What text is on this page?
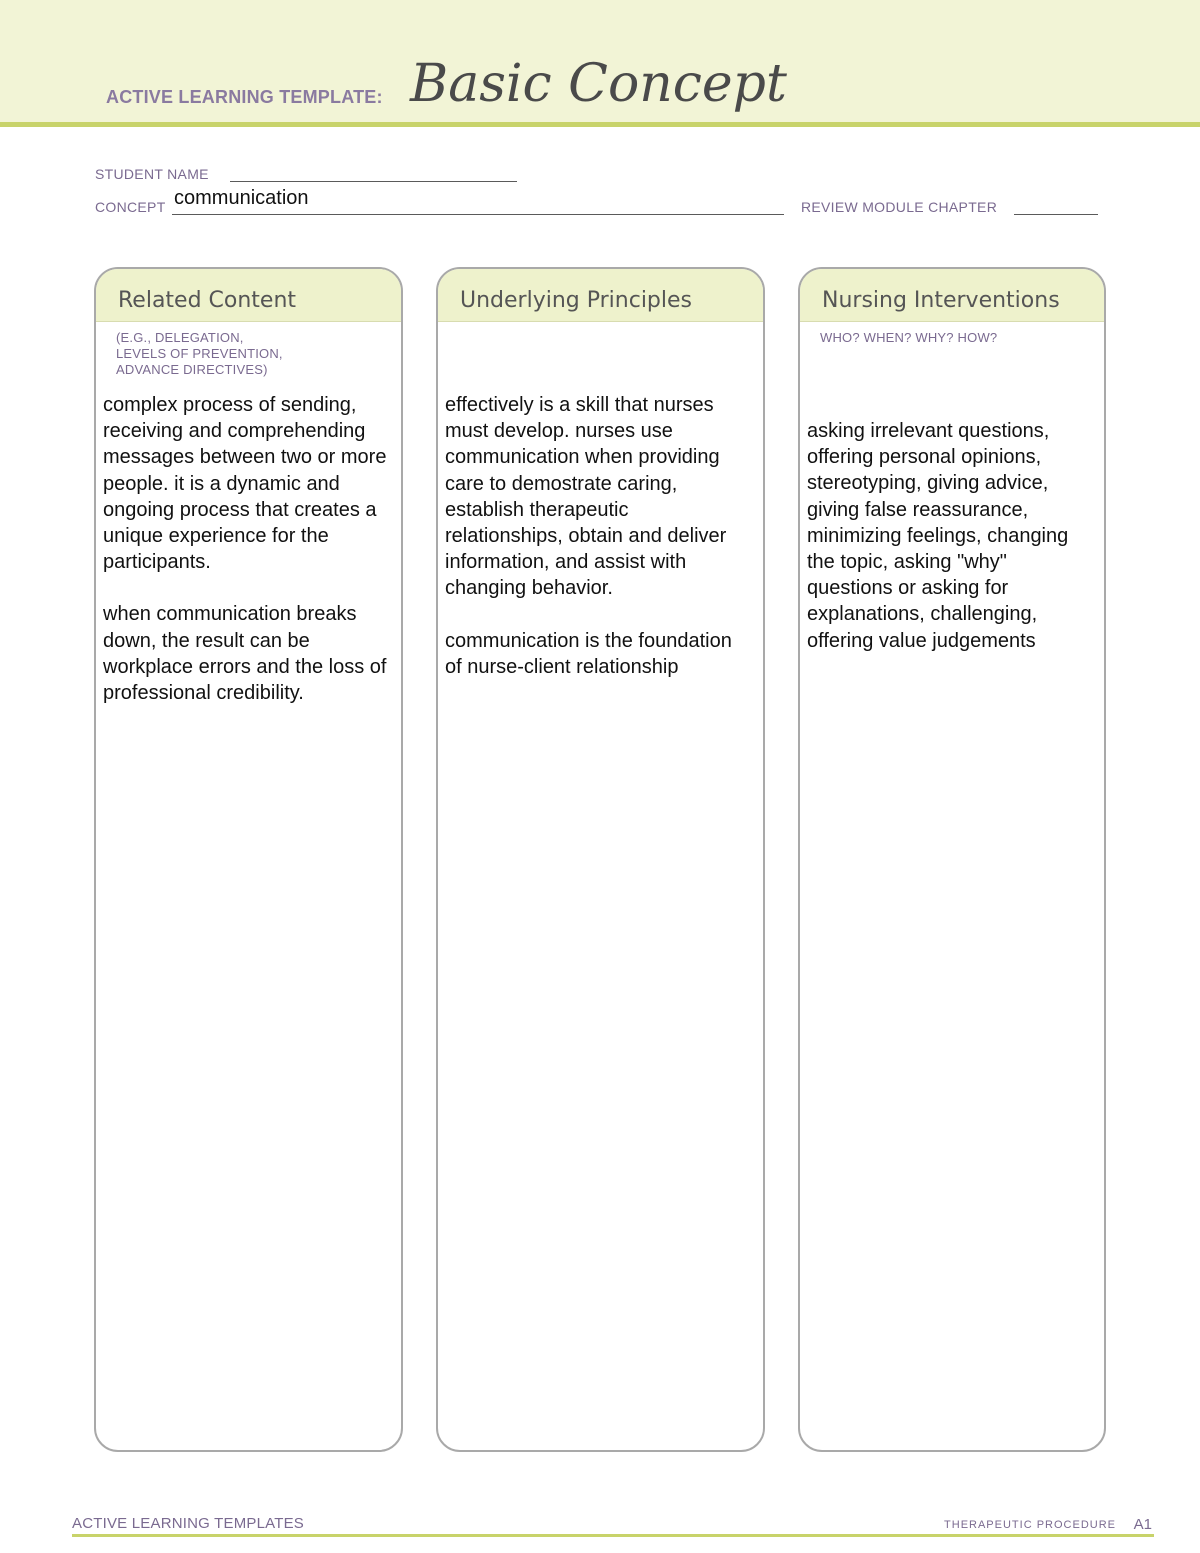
ACTIVE LEARNING TEMPLATE: Basic Concept
STUDENT NAME
CONCEPT communication	REVIEW MODULE CHAPTER
Related Content
(E.G., DELEGATION,
LEVELS OF PREVENTION,
ADVANCE DIRECTIVES)

complex process of sending, receiving and comprehending messages between two or more people. it is a dynamic and ongoing process that creates a unique experience for the participants.

when communication breaks down, the result can be workplace errors and the loss of professional credibility.

Underlying Principles

effectively is a skill that nurses must develop. nurses use communication when providing care to demostrate caring, establish therapeutic relationships, obtain and deliver information, and assist with changing behavior.

communication is the foundation of nurse-client relationship

Nursing Interventions
WHO? WHEN? WHY? HOW?

asking irrelevant questions, offering personal opinions, stereotyping, giving advice, giving false reassurance, minimizing feelings, changing the topic, asking "why" questions or asking for explanations, challenging, offering value judgements

ACTIVE LEARNING TEMPLATES	THERAPEUTIC PROCEDURE A1
